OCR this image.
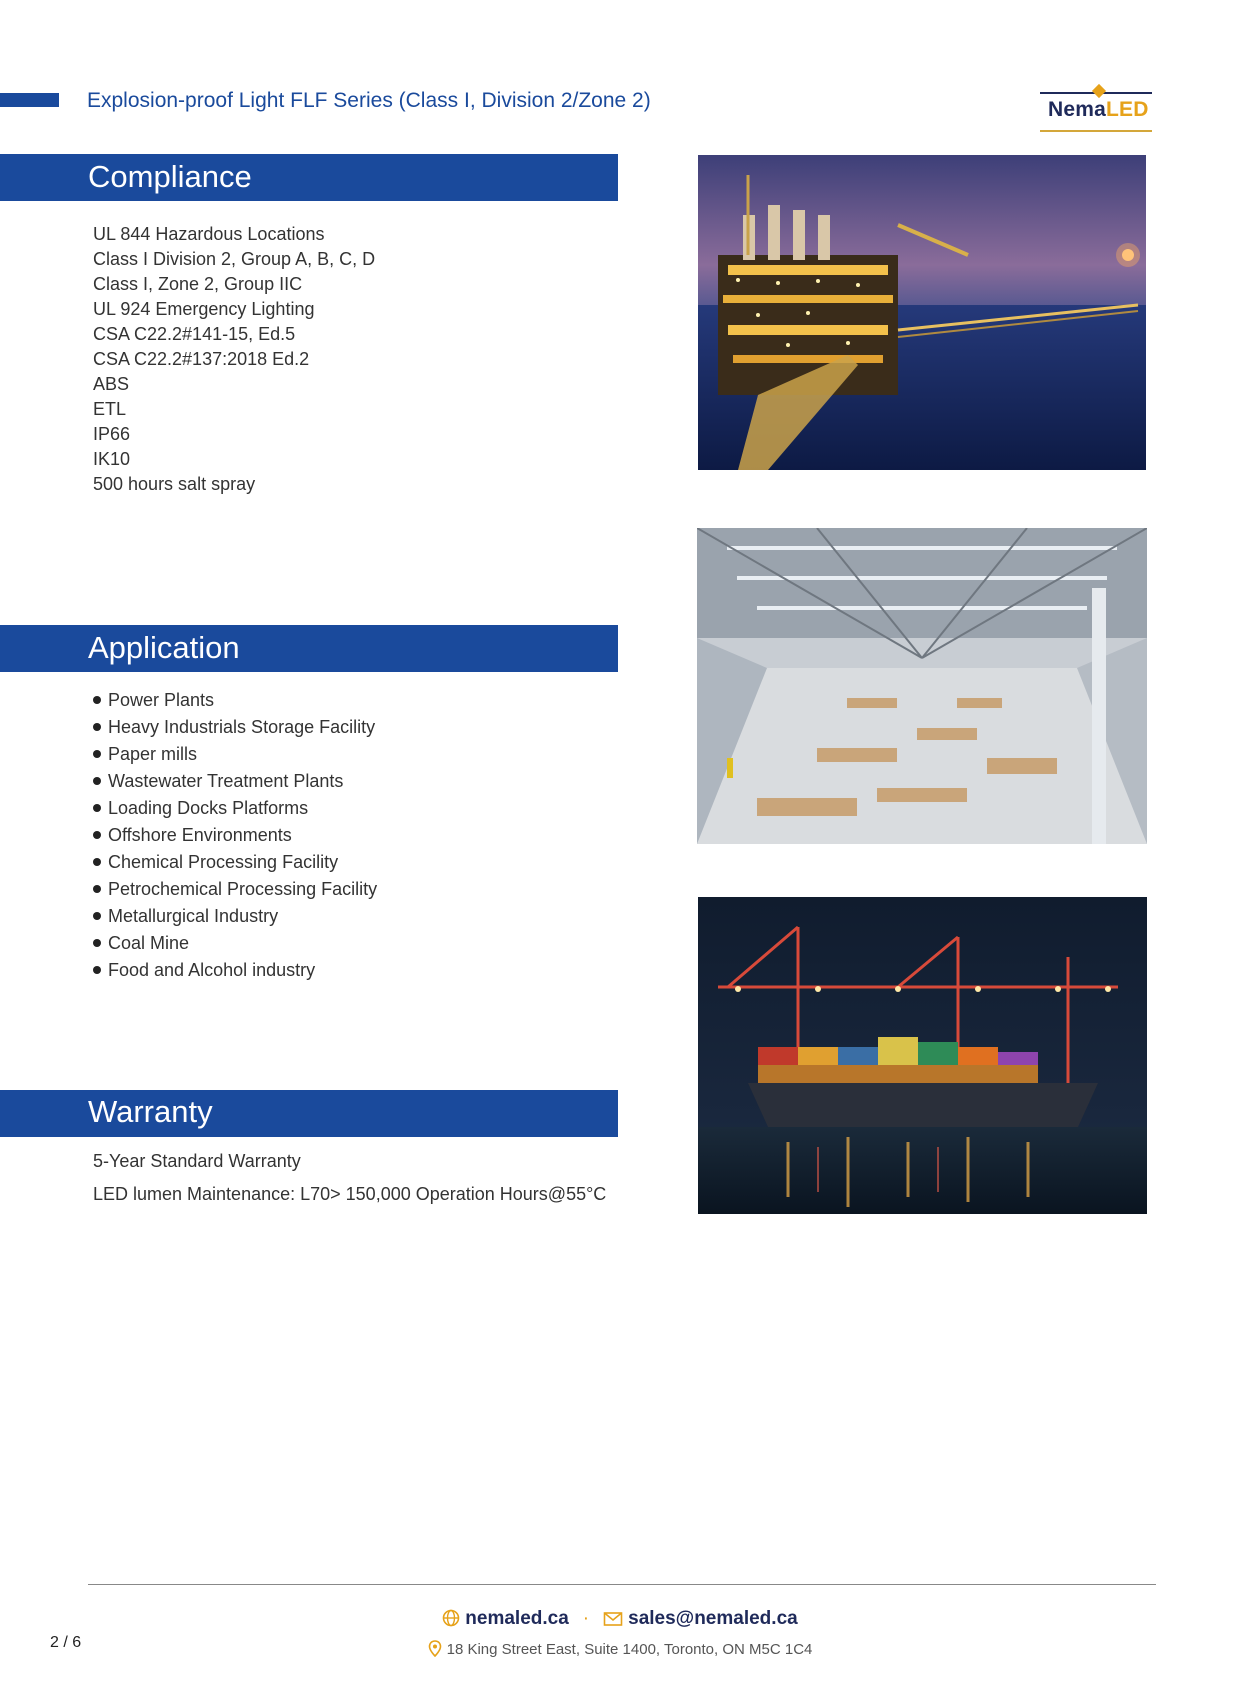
Explosion-proof Light FLF Series (Class I, Division 2/Zone 2)	NemaLED
Compliance
UL 844 Hazardous Locations
Class I Division 2, Group A, B, C, D
Class I, Zone 2, Group IIC
UL 924 Emergency Lighting
CSA C22.2#141-15, Ed.5
CSA C22.2#137:2018 Ed.2
ABS
ETL
IP66
IK10
500 hours salt spray
Application
Power Plants
Heavy Industrials Storage Facility
Paper mills
Wastewater Treatment Plants
Loading Docks Platforms
Offshore Environments
Chemical Processing Facility
Petrochemical Processing Facility
Metallurgical Industry
Coal Mine
Food and Alcohol industry
Warranty
5-Year Standard Warranty
LED lumen Maintenance: L70> 150,000 Operation Hours@55°C
nemaled.ca · sales@nemaled.ca
18 King Street East, Suite 1400, Toronto, ON M5C 1C4
2 / 6
